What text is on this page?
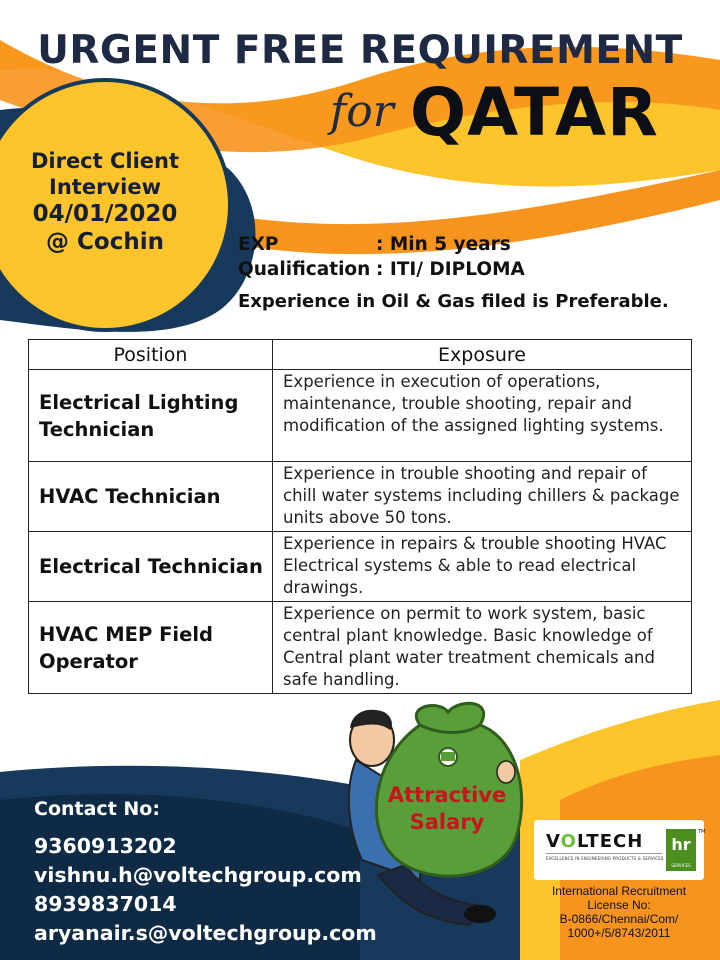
URGENT FREE REQUIREMENT
for QATAR
Direct Client
Interview
04/01/2020
@ Cochin	EXP	: Min 5 years
Qualification : ITI/ DIPLOMA
Experience in Oil & Gas filed is Preferable.
Position	Exposure
Electrical Lighting Technician	Experience in execution of operations, maintenance, trouble shooting, repair and modification of the assigned lighting systems.
HVAC Technician	Experience in trouble shooting and repair of chill water systems including chillers & package units above 50 tons.
Electrical Technician	Experience in repairs & trouble shooting HVAC Electrical systems & able to read electrical drawings.
HVAC MEP Field Operator	Experience on permit to work system, basic central plant knowledge. Basic knowledge of Central plant water treatment chemicals and safe handling.
Attractive
Salary
Contact No:
9360913202
vishnu.h@voltechgroup.com
8939837014
aryanair.s@voltechgroup.com
VOLTECH
EXCELLENCE IN ENGINEERING PRODUCTS & SERVICES
hr
SERVICES
TM
International Recruitment
License No:
B-0866/Chennai/Com/
1000+/5/8743/2011
